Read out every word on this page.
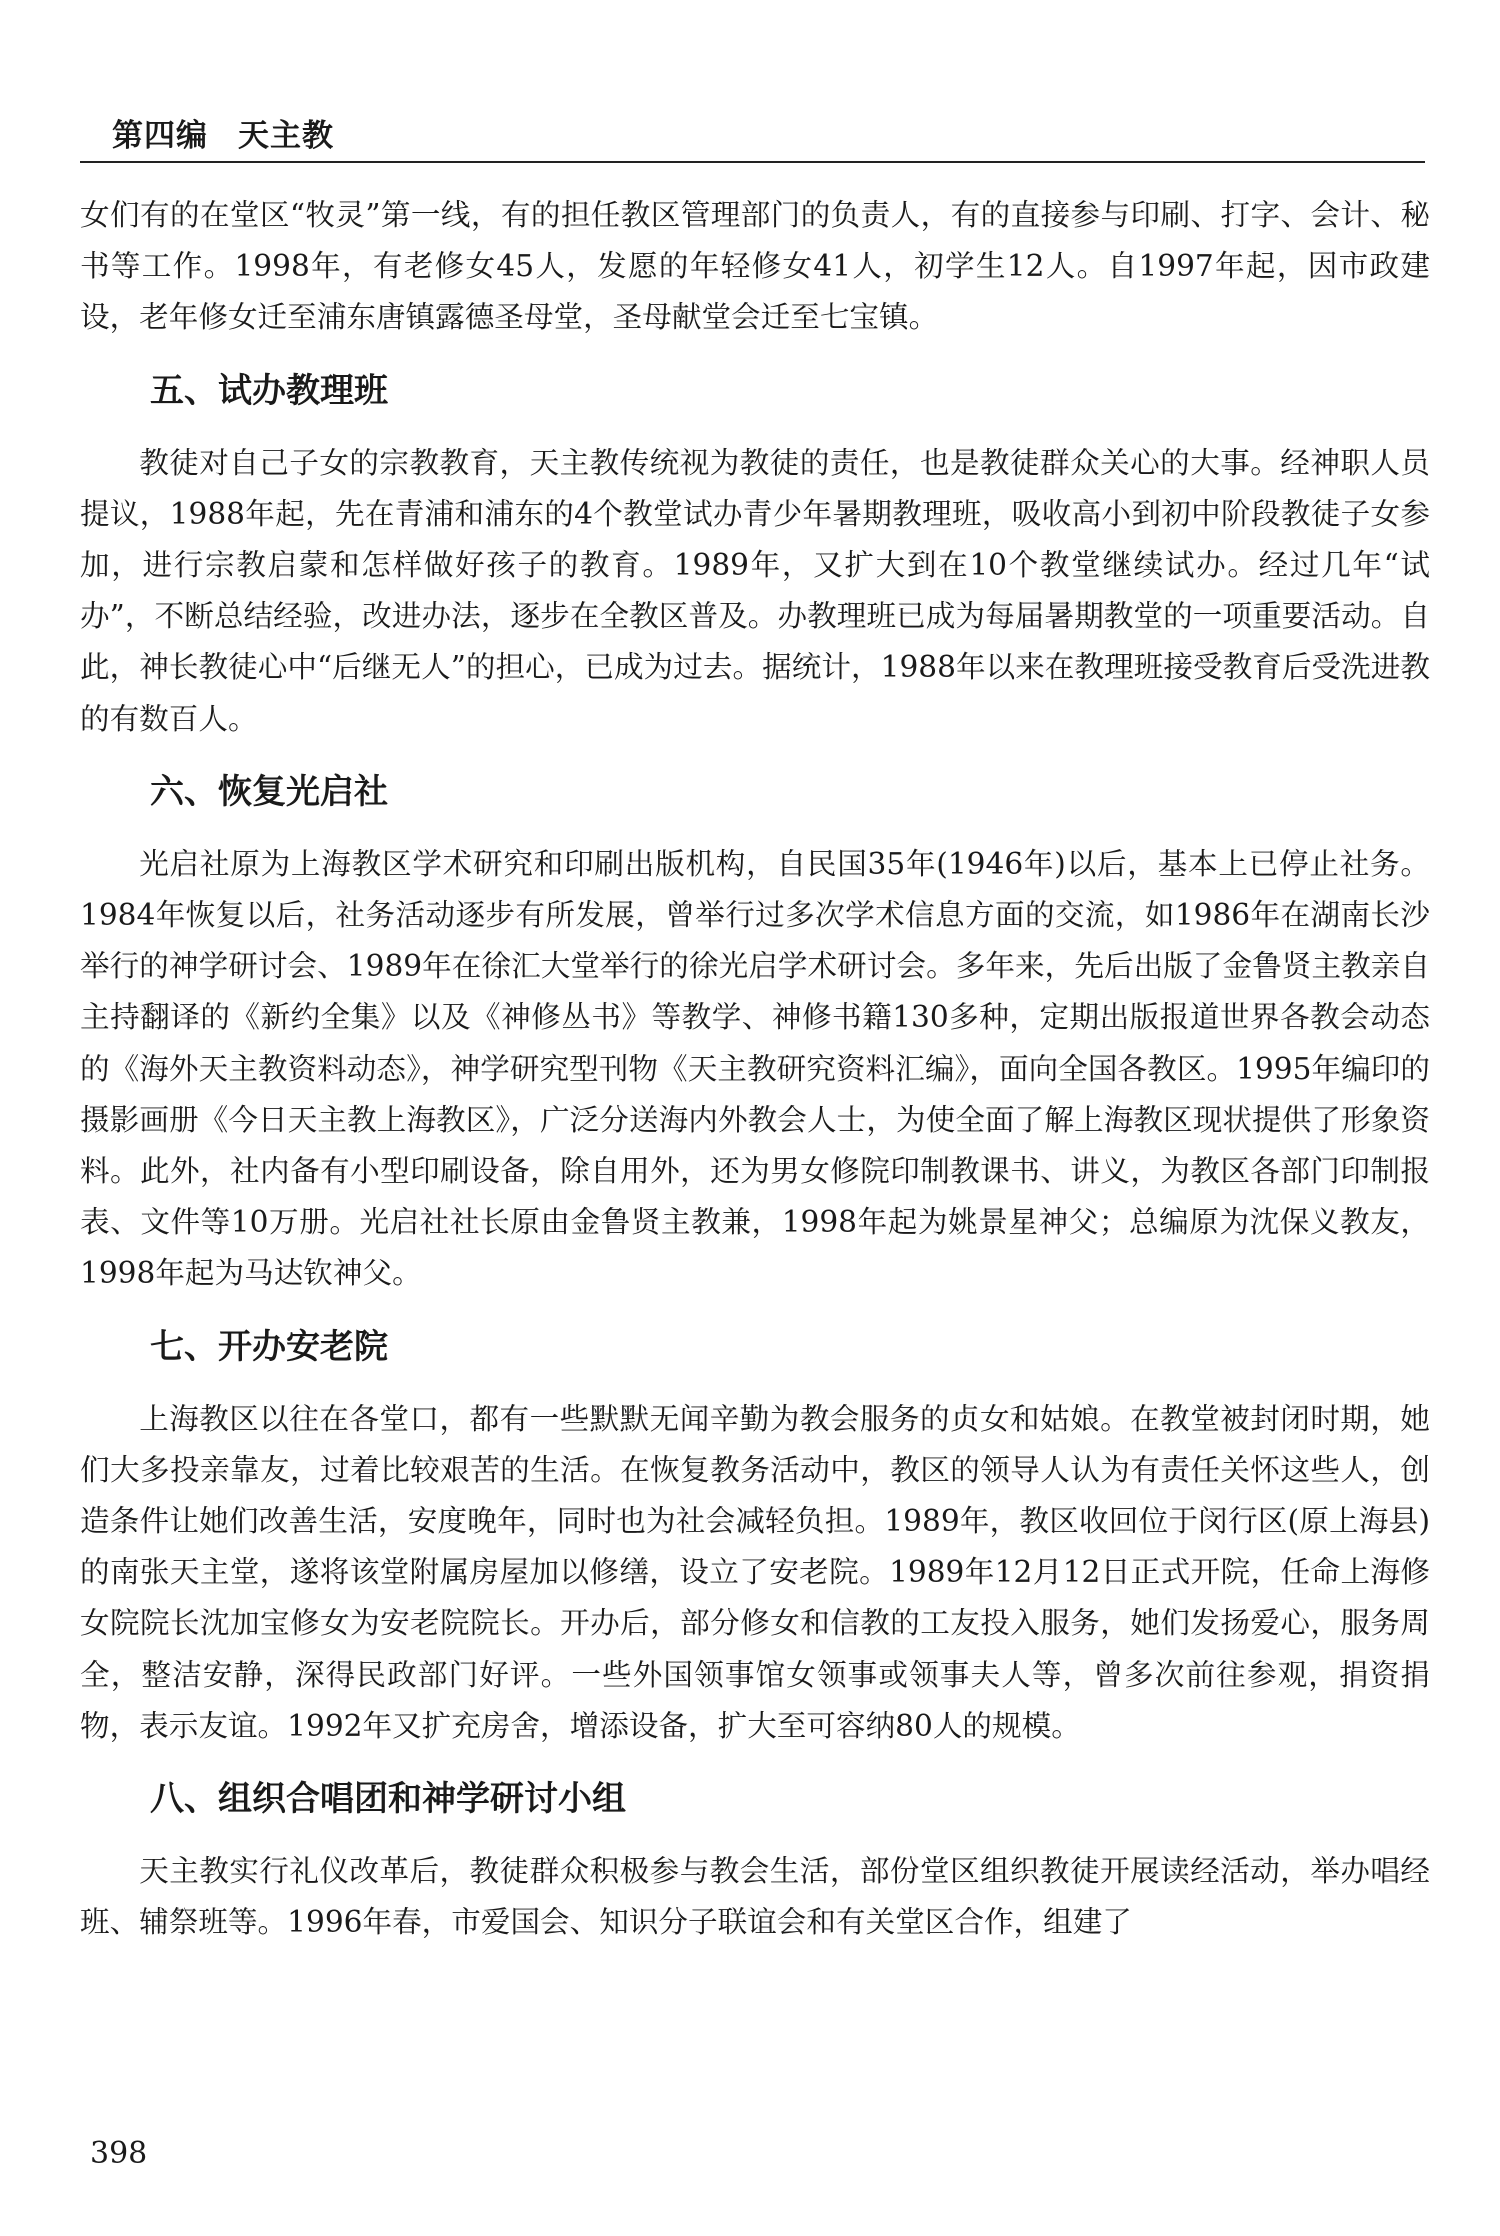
第四编 天主教

女们有的在堂区“牧灵”第一线，有的担任教区管理部门的负责人，有的直接参与印刷、打字、会计、秘书等工作。1998年，有老修女45人，发愿的年轻修女41人，初学生12人。自1997年起，因市政建设，老年修女迁至浦东唐镇露德圣母堂，圣母献堂会迁至七宝镇。

五、试办教理班

教徒对自己子女的宗教教育，天主教传统视为教徒的责任，也是教徒群众关心的大事。经神职人员提议，1988年起，先在青浦和浦东的4个教堂试办青少年暑期教理班，吸收高小到初中阶段教徒子女参加，进行宗教启蒙和怎样做好孩子的教育。1989年，又扩大到在10个教堂继续试办。经过几年“试办”，不断总结经验，改进办法，逐步在全教区普及。办教理班已成为每届暑期教堂的一项重要活动。自此，神长教徒心中“后继无人”的担心，已成为过去。据统计，1988年以来在教理班接受教育后受洗进教的有数百人。

六、恢复光启社

光启社原为上海教区学术研究和印刷出版机构，自民国35年(1946年)以后，基本上已停止社务。1984年恢复以后，社务活动逐步有所发展，曾举行过多次学术信息方面的交流，如1986年在湖南长沙举行的神学研讨会、1989年在徐汇大堂举行的徐光启学术研讨会。多年来，先后出版了金鲁贤主教亲自主持翻译的《新约全集》以及《神修丛书》等教学、神修书籍130多种，定期出版报道世界各教会动态的《海外天主教资料动态》，神学研究型刊物《天主教研究资料汇编》，面向全国各教区。1995年编印的摄影画册《今日天主教上海教区》，广泛分送海内外教会人士，为使全面了解上海教区现状提供了形象资料。此外，社内备有小型印刷设备，除自用外，还为男女修院印制教课书、讲义，为教区各部门印制报表、文件等10万册。光启社社长原由金鲁贤主教兼，1998年起为姚景星神父；总编原为沈保义教友，1998年起为马达钦神父。

七、开办安老院

上海教区以往在各堂口，都有一些默默无闻辛勤为教会服务的贞女和姑娘。在教堂被封闭时期，她们大多投亲靠友，过着比较艰苦的生活。在恢复教务活动中，教区的领导人认为有责任关怀这些人，创造条件让她们改善生活，安度晚年，同时也为社会减轻负担。1989年，教区收回位于闵行区(原上海县)的南张天主堂，遂将该堂附属房屋加以修缮，设立了安老院。1989年12月12日正式开院，任命上海修女院院长沈加宝修女为安老院院长。开办后，部分修女和信教的工友投入服务，她们发扬爱心，服务周全，整洁安静，深得民政部门好评。一些外国领事馆女领事或领事夫人等，曾多次前往参观，捐资捐物，表示友谊。1992年又扩充房舍，增添设备，扩大至可容纳80人的规模。

八、组织合唱团和神学研讨小组

天主教实行礼仪改革后，教徒群众积极参与教会生活，部份堂区组织教徒开展读经活动，举办唱经班、辅祭班等。1996年春，市爱国会、知识分子联谊会和有关堂区合作，组建了

398
